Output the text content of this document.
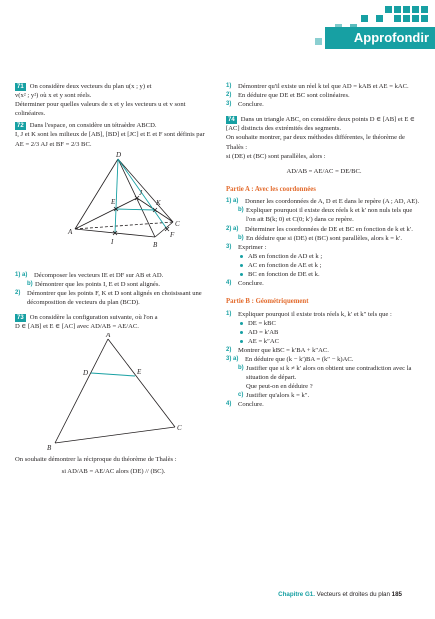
Approfondir
71 On considère deux vecteurs du plan u(x ; y) et
v(x² ; y²) où x et y sont réels.
Déterminer pour quelles valeurs de x et y les vecteurs u et v sont colinéaires.
72 Dans l'espace, on considère un tétraèdre ABCD.
I, J et K sont les milieux de [AB], [BD] et [JC] et E et F sont définis par AE = 2/3 AJ et BF = 2/3 BC.
D
J
K
E
C
A	F
I	B
1) a)	Décomposer les vecteurs IE et DF sur AB et AD.
b) Démontrer que les points I, E et D sont alignés.
2)	Démontrer que les points F, K et D sont alignés en choisissant une décomposition de vecteurs du plan (BCD).
73 On considère la configuration suivante, où l'on a
D ∈ [AB] et E ∈ [AC] avec AD/AB = AE/AC.
A
D	E
C
B
On souhaite démontrer la réciproque du théorème de Thalès :
si AD/AB = AE/AC alors (DE) // (BC).
1)	Démontrer qu'il existe un réel k tel que AD = kAB et AE = kAC.
2)	En déduire que DE et BC sont colinéaires.
3)	Conclure.
74 Dans un triangle ABC, on considère deux points D ∈ [AB] et E ∈ [AC] distincts des extrémités des segments.
On souhaite montrer, par deux méthodes différentes, le théorème de Thalès :
si (DE) et (BC) sont parallèles, alors :
AD/AB = AE/AC = DE/BC.
Partie A : Avec les coordonnées
1) a)	Donner les coordonnées de A, D et E dans le repère (A ; AD, AE).
b) Expliquer pourquoi il existe deux réels k et k′ non nuls tels que l'on ait B(k; 0) et C(0; k′) dans ce repère.
2) a)	Déterminer les coordonnées de DE et BC en fonction de k et k′.
b) En déduire que si (DE) et (BC) sont parallèles, alors k = k′.
3)	Exprimer :
AB en fonction de AD et k ;
AC en fonction de AE et k ;
BC en fonction de DE et k.
4)	Conclure.
Partie B : Géométriquement
1)	Expliquer pourquoi il existe trois réels k, k′ et k″ tels que :
DE = kBC
AD = k′AB
AE = k″AC
2)	Montrer que kBC = k′BA + k″AC.
3) a)	En déduire que (k − k′)BA = (k″ − k)AC.
b) Justifier que si k ≠ k′ alors on obtient une contradiction avec la situation de départ.
Que peut-on en déduire ?
c) Justifier qu'alors k = k″.
4)	Conclure.
Chapitre G1. Vecteurs et droites du plan 185
